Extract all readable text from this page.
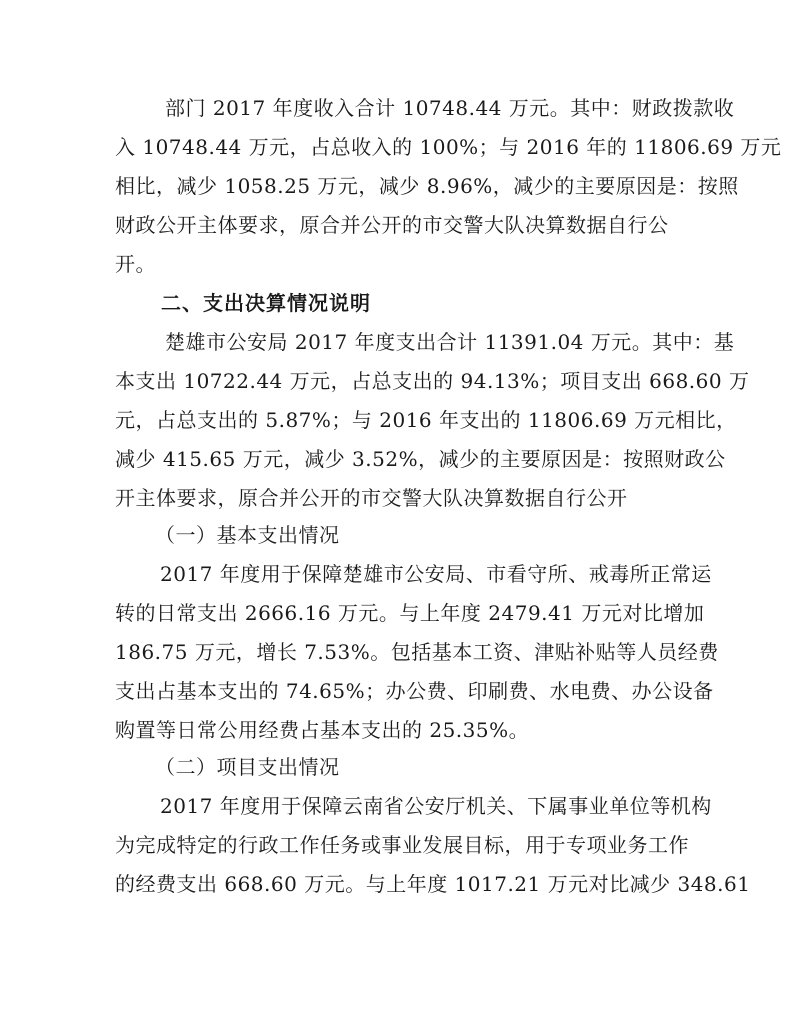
部门 2017 年度收入合计 10748.44 万元。其中：财政拨款收
入 10748.44 万元，占总收入的 100%；与 2016 年的 11806.69 万元
相比，减少 1058.25 万元，减少 8.96%，减少的主要原因是：按照
财政公开主体要求，原合并公开的市交警大队决算数据自行公
开。
二、支出决算情况说明
楚雄市公安局 2017 年度支出合计 11391.04 万元。其中：基
本支出 10722.44 万元，占总支出的 94.13%；项目支出 668.60 万
元，占总支出的 5.87%；与 2016 年支出的 11806.69 万元相比，
减少 415.65 万元，减少 3.52%，减少的主要原因是：按照财政公
开主体要求，原合并公开的市交警大队决算数据自行公开
（一）基本支出情况
2017 年度用于保障楚雄市公安局、市看守所、戒毒所正常运
转的日常支出 2666.16 万元。与上年度 2479.41 万元对比增加
186.75 万元，增长 7.53%。包括基本工资、津贴补贴等人员经费
支出占基本支出的 74.65%；办公费、印刷费、水电费、办公设备
购置等日常公用经费占基本支出的 25.35%。
（二）项目支出情况
2017 年度用于保障云南省公安厅机关、下属事业单位等机构
为完成特定的行政工作任务或事业发展目标，用于专项业务工作
的经费支出 668.60 万元。与上年度 1017.21 万元对比减少 348.61
